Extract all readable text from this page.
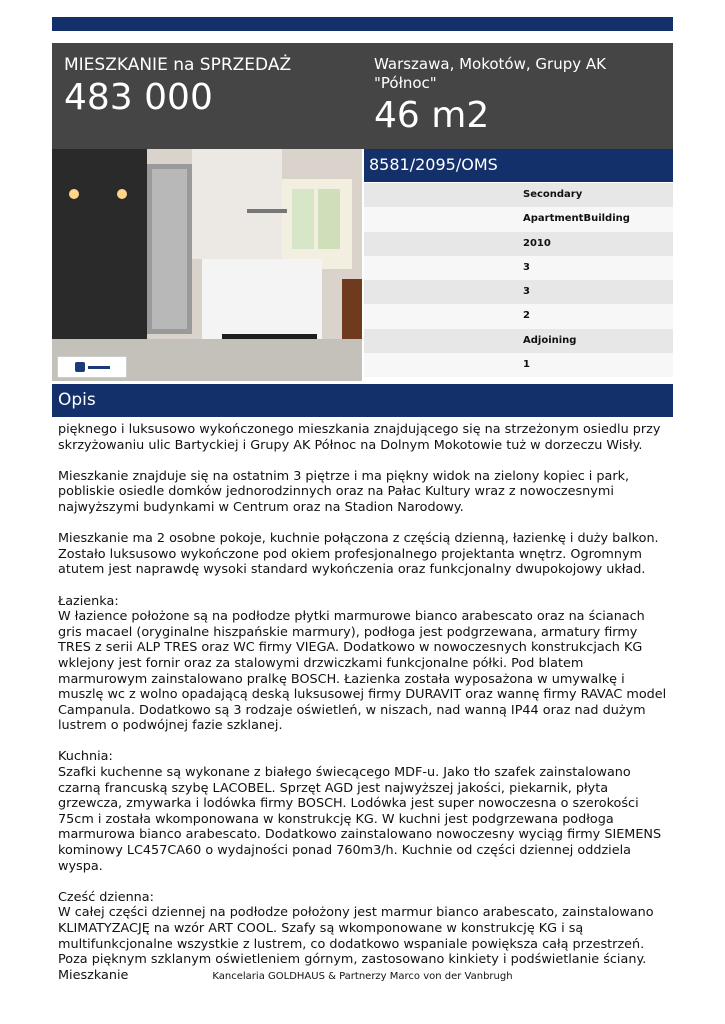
MIESZKANIE na SPRZEDAŻ
483 000
Warszawa, Mokotów, Grupy AK "Północ"
46 m2
8581/2095/OMS
Secondary
ApartmentBuilding
2010
3
3
2
Adjoining
1
Opis

pięknego i luksusowo wykończonego mieszkania znajdującego się na strzeżonym osiedlu przy skrzyżowaniu ulic Bartyckiej i Grupy AK Północ na Dolnym Mokotowie tuż w dorzeczu Wisły.

Mieszkanie znajduje się na ostatnim 3 piętrze i ma piękny widok na zielony kopiec i park, pobliskie osiedle domków jednorodzinnych oraz na Pałac Kultury wraz z nowoczesnymi najwyższymi budynkami w Centrum oraz na Stadion Narodowy.

Mieszkanie ma 2 osobne pokoje, kuchnie połączona z częścią dzienną, łazienkę i duży balkon. Zostało luksusowo wykończone pod okiem profesjonalnego projektanta wnętrz. Ogromnym atutem jest naprawdę wysoki standard wykończenia oraz funkcjonalny dwupokojowy układ.

Łazienka:
W łazience położone są na podłodze płytki marmurowe bianco arabescato oraz na ścianach gris macael (oryginalne hiszpańskie marmury), podłoga jest podgrzewana, armatury firmy TRES z serii ALP TRES oraz WC firmy VIEGA. Dodatkowo w nowoczesnych konstrukcjach KG wklejony jest fornir oraz za stalowymi drzwiczkami funkcjonalne półki. Pod blatem marmurowym zainstalowano pralkę BOSCH. Łazienka została wyposażona w umywalkę i muszlę wc z wolno opadającą deską luksusowej firmy DURAVIT oraz wannę firmy RAVAC model Campanula. Dodatkowo są 3 rodzaje oświetleń, w niszach, nad wanną IP44 oraz nad dużym lustrem o podwójnej fazie szklanej.

Kuchnia:
Szafki kuchenne są wykonane z białego świecącego MDF-u. Jako tło szafek zainstalowano czarną francuską szybę LACOBEL. Sprzęt AGD jest najwyższej jakości, piekarnik, płyta grzewcza, zmywarka i lodówka firmy BOSCH. Lodówka jest super nowoczesna o szerokości 75cm i została wkomponowana w konstrukcję KG. W kuchni jest podgrzewana podłoga marmurowa bianco arabescato. Dodatkowo zainstalowano nowoczesny wyciąg firmy SIEMENS kominowy LC457CA60 o wydajności ponad 760m3/h. Kuchnie od części dziennej oddziela wyspa.

Cześć dzienna:
W całej części dziennej na podłodze położony jest marmur bianco arabescato, zainstalowano KLIMATYZACJĘ na wzór ART COOL. Szafy są wkomponowane w konstrukcję KG i są multifunkcjonalne wszystkie z lustrem, co dodatkowo wspaniale powiększa całą przestrzeń. Poza pięknym szklanym oświetleniem górnym, zastosowano kinkiety i podświetlanie ściany. Mieszkanie	Kancelaria GOLDHAUS & Partnerzy Marco von der Vanbrugh
